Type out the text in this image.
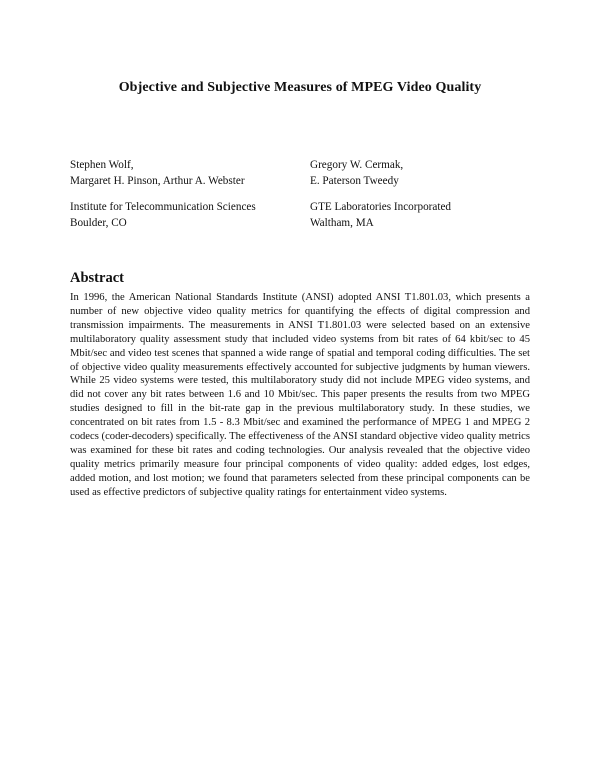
Objective and Subjective Measures of MPEG Video Quality
Stephen Wolf,
Margaret H. Pinson, Arthur A. Webster
Gregory W. Cermak,
E. Paterson Tweedy
Institute for Telecommunication Sciences
Boulder, CO
GTE Laboratories Incorporated
Waltham, MA
Abstract

In 1996, the American National Standards Institute (ANSI) adopted ANSI T1.801.03, which presents a number of new objective video quality metrics for quantifying the effects of digital compression and transmission impairments. The measurements in ANSI T1.801.03 were selected based on an extensive multilaboratory quality assessment study that included video systems from bit rates of 64 kbit/sec to 45 Mbit/sec and video test scenes that spanned a wide range of spatial and temporal coding difficulties. The set of objective video quality measurements effectively accounted for subjective judgments by human viewers. While 25 video systems were tested, this multilaboratory study did not include MPEG video systems, and did not cover any bit rates between 1.6 and 10 Mbit/sec. This paper presents the results from two MPEG studies designed to fill in the bit-rate gap in the previous multilaboratory study. In these studies, we concentrated on bit rates from 1.5 - 8.3 Mbit/sec and examined the performance of MPEG 1 and MPEG 2 codecs (coder-decoders) specifically. The effectiveness of the ANSI standard objective video quality metrics was examined for these bit rates and coding technologies. Our analysis revealed that the objective video quality metrics primarily measure four principal components of video quality: added edges, lost edges, added motion, and lost motion; we found that parameters selected from these principal components can be used as effective predictors of subjective quality ratings for entertainment video systems.
